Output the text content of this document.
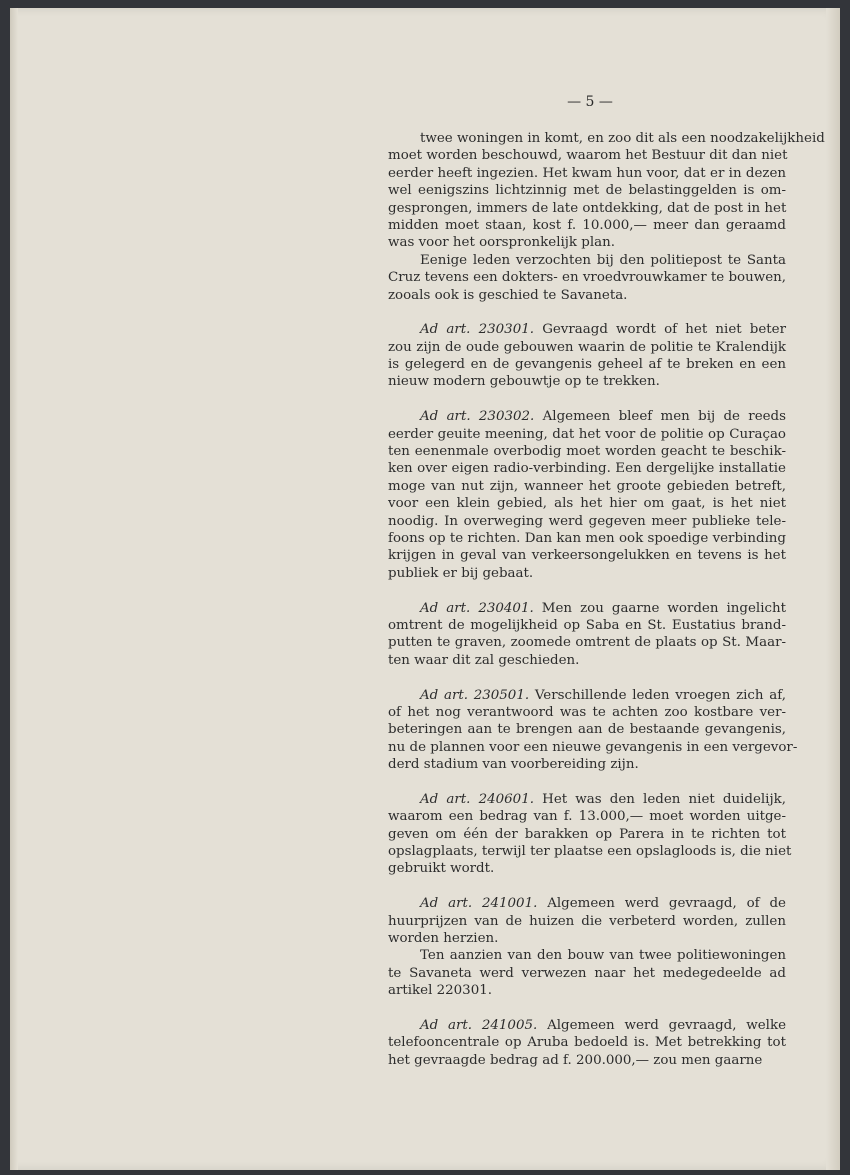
— 5 —
twee woningen in komt, en zoo dit als een noodzakelijkheid
moet worden beschouwd, waarom het Bestuur dit dan niet
eerder heeft ingezien. Het kwam hun voor, dat er in dezen
wel eenigszins lichtzinnig met de belastinggelden is om-
gesprongen, immers de late ontdekking, dat de post in het
midden moet staan, kost f. 10.000,— meer dan geraamd
was voor het oorspronkelijk plan.
Eenige leden verzochten bij den politiepost te Santa
Cruz tevens een dokters- en vroedvrouwkamer te bouwen,
zooals ook is geschied te Savaneta.
Ad art. 230301. Gevraagd wordt of het niet beter
zou zijn de oude gebouwen waarin de politie te Kralendijk
is gelegerd en de gevangenis geheel af te breken en een
nieuw modern gebouwtje op te trekken.
Ad art. 230302. Algemeen bleef men bij de reeds
eerder geuite meening, dat het voor de politie op Curaçao
ten eenenmale overbodig moet worden geacht te beschik-
ken over eigen radio-verbinding. Een dergelijke installatie
moge van nut zijn, wanneer het groote gebieden betreft,
voor een klein gebied, als het hier om gaat, is het niet
noodig. In overweging werd gegeven meer publieke tele-
foons op te richten. Dan kan men ook spoedige verbinding
krijgen in geval van verkeersongelukken en tevens is het
publiek er bij gebaat.
Ad art. 230401. Men zou gaarne worden ingelicht
omtrent de mogelijkheid op Saba en St. Eustatius brand-
putten te graven, zoomede omtrent de plaats op St. Maar-
ten waar dit zal geschieden.
Ad art. 230501. Verschillende leden vroegen zich af,
of het nog verantwoord was te achten zoo kostbare ver-
beteringen aan te brengen aan de bestaande gevangenis,
nu de plannen voor een nieuwe gevangenis in een vergevor-
derd stadium van voorbereiding zijn.
Ad art. 240601. Het was den leden niet duidelijk,
waarom een bedrag van f. 13.000,— moet worden uitge-
geven om één der barakken op Parera in te richten tot
opslagplaats, terwijl ter plaatse een opslagloods is, die niet
gebruikt wordt.
Ad art. 241001. Algemeen werd gevraagd, of de
huurprijzen van de huizen die verbeterd worden, zullen
worden herzien.
Ten aanzien van den bouw van twee politiewoningen
te Savaneta werd verwezen naar het medegedeelde ad
artikel 220301.
Ad art. 241005. Algemeen werd gevraagd, welke
telefooncentrale op Aruba bedoeld is. Met betrekking tot
het gevraagde bedrag ad f. 200.000,— zou men gaarne
